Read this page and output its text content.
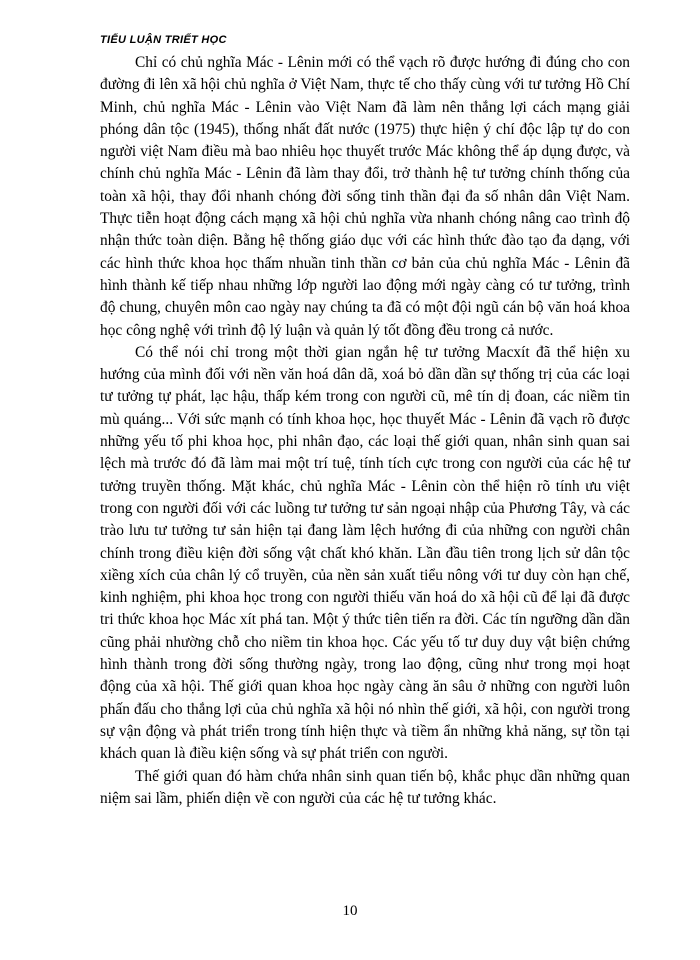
TIỂU LUẬN TRIẾT HỌC

Chỉ có chủ nghĩa Mác - Lênin mới có thể vạch rõ được hướng đi đúng cho con đường đi lên xã hội chủ nghĩa ở Việt Nam, thực tế cho thấy cùng với tư tưởng Hồ Chí Minh, chủ nghĩa Mác - Lênin vào Việt Nam đã làm nên thắng lợi cách mạng giải phóng dân tộc (1945), thống nhất đất nước (1975) thực hiện ý chí độc lập tự do con người việt Nam điều mà bao nhiêu học thuyết trước Mác không thể áp dụng được, và chính chủ nghĩa Mác - Lênin đã làm thay đổi, trở thành hệ tư tưởng chính thống của toàn xã hội, thay đổi nhanh chóng đời sống tinh thần đại đa số nhân dân Việt Nam. Thực tiễn hoạt động cách mạng xã hội chủ nghĩa vừa nhanh chóng nâng cao trình độ nhận thức toàn diện. Bằng hệ thống giáo dục với các hình thức đào tạo đa dạng, với các hình thức khoa học thấm nhuần tinh thần cơ bản của chủ nghĩa Mác - Lênin đã hình thành kế tiếp nhau những lớp người lao động mới ngày càng có tư tưởng, trình độ chung, chuyên môn cao ngày nay chúng ta đã có một đội ngũ cán bộ văn hoá khoa học công nghệ với trình độ lý luận và quản lý tốt đồng đều trong cả nước.

Có thể nói chỉ trong một thời gian ngắn hệ tư tưởng Macxít đã thể hiện xu hướng của mình đối với nền văn hoá dân dã, xoá bỏ dần dần sự thống trị của các loại tư tưởng tự phát, lạc hậu, thấp kém trong con người cũ, mê tín dị đoan, các niềm tin mù quáng... Với sức mạnh có tính khoa học, học thuyết Mác - Lênin đã vạch rõ được những yếu tố phi khoa học, phi nhân đạo, các loại thế giới quan, nhân sinh quan sai lệch mà trước đó đã làm mai một trí tuệ, tính tích cực trong con người của các hệ tư tưởng truyền thống. Mặt khác, chủ nghĩa Mác - Lênin còn thể hiện rõ tính ưu việt trong con người đối với các luồng tư tưởng tư sản ngoại nhập của Phương Tây, và các trào lưu tư tưởng tư sản hiện tại đang làm lệch hướng đi của những con người chân chính trong điều kiện đời sống vật chất khó khăn. Lần đầu tiên trong lịch sử dân tộc xiềng xích của chân lý cổ truyền, của nền sản xuất tiểu nông với tư duy còn hạn chế, kinh nghiệm, phi khoa học trong con người thiếu văn hoá do xã hội cũ để lại đã được tri thức khoa học Mác xít phá tan. Một ý thức tiên tiến ra đời. Các tín ngưỡng dần dần cũng phải nhường chỗ cho niềm tin khoa học. Các yếu tố tư duy duy vật biện chứng hình thành trong đời sống thường ngày, trong lao động, cũng như trong mọi hoạt động của xã hội. Thế giới quan khoa học ngày càng ăn sâu ở những con người luôn phấn đấu cho thắng lợi của chủ nghĩa xã hội nó nhìn thế giới, xã hội, con người trong sự vận động và phát triển trong tính hiện thực và tiềm ẩn những khả năng, sự tồn tại khách quan là điều kiện sống và sự phát triển con người.

Thế giới quan đó hàm chứa nhân sinh quan tiến bộ, khắc phục dần những quan niệm sai lầm, phiến diện về con người của các hệ tư tưởng khác.

10
